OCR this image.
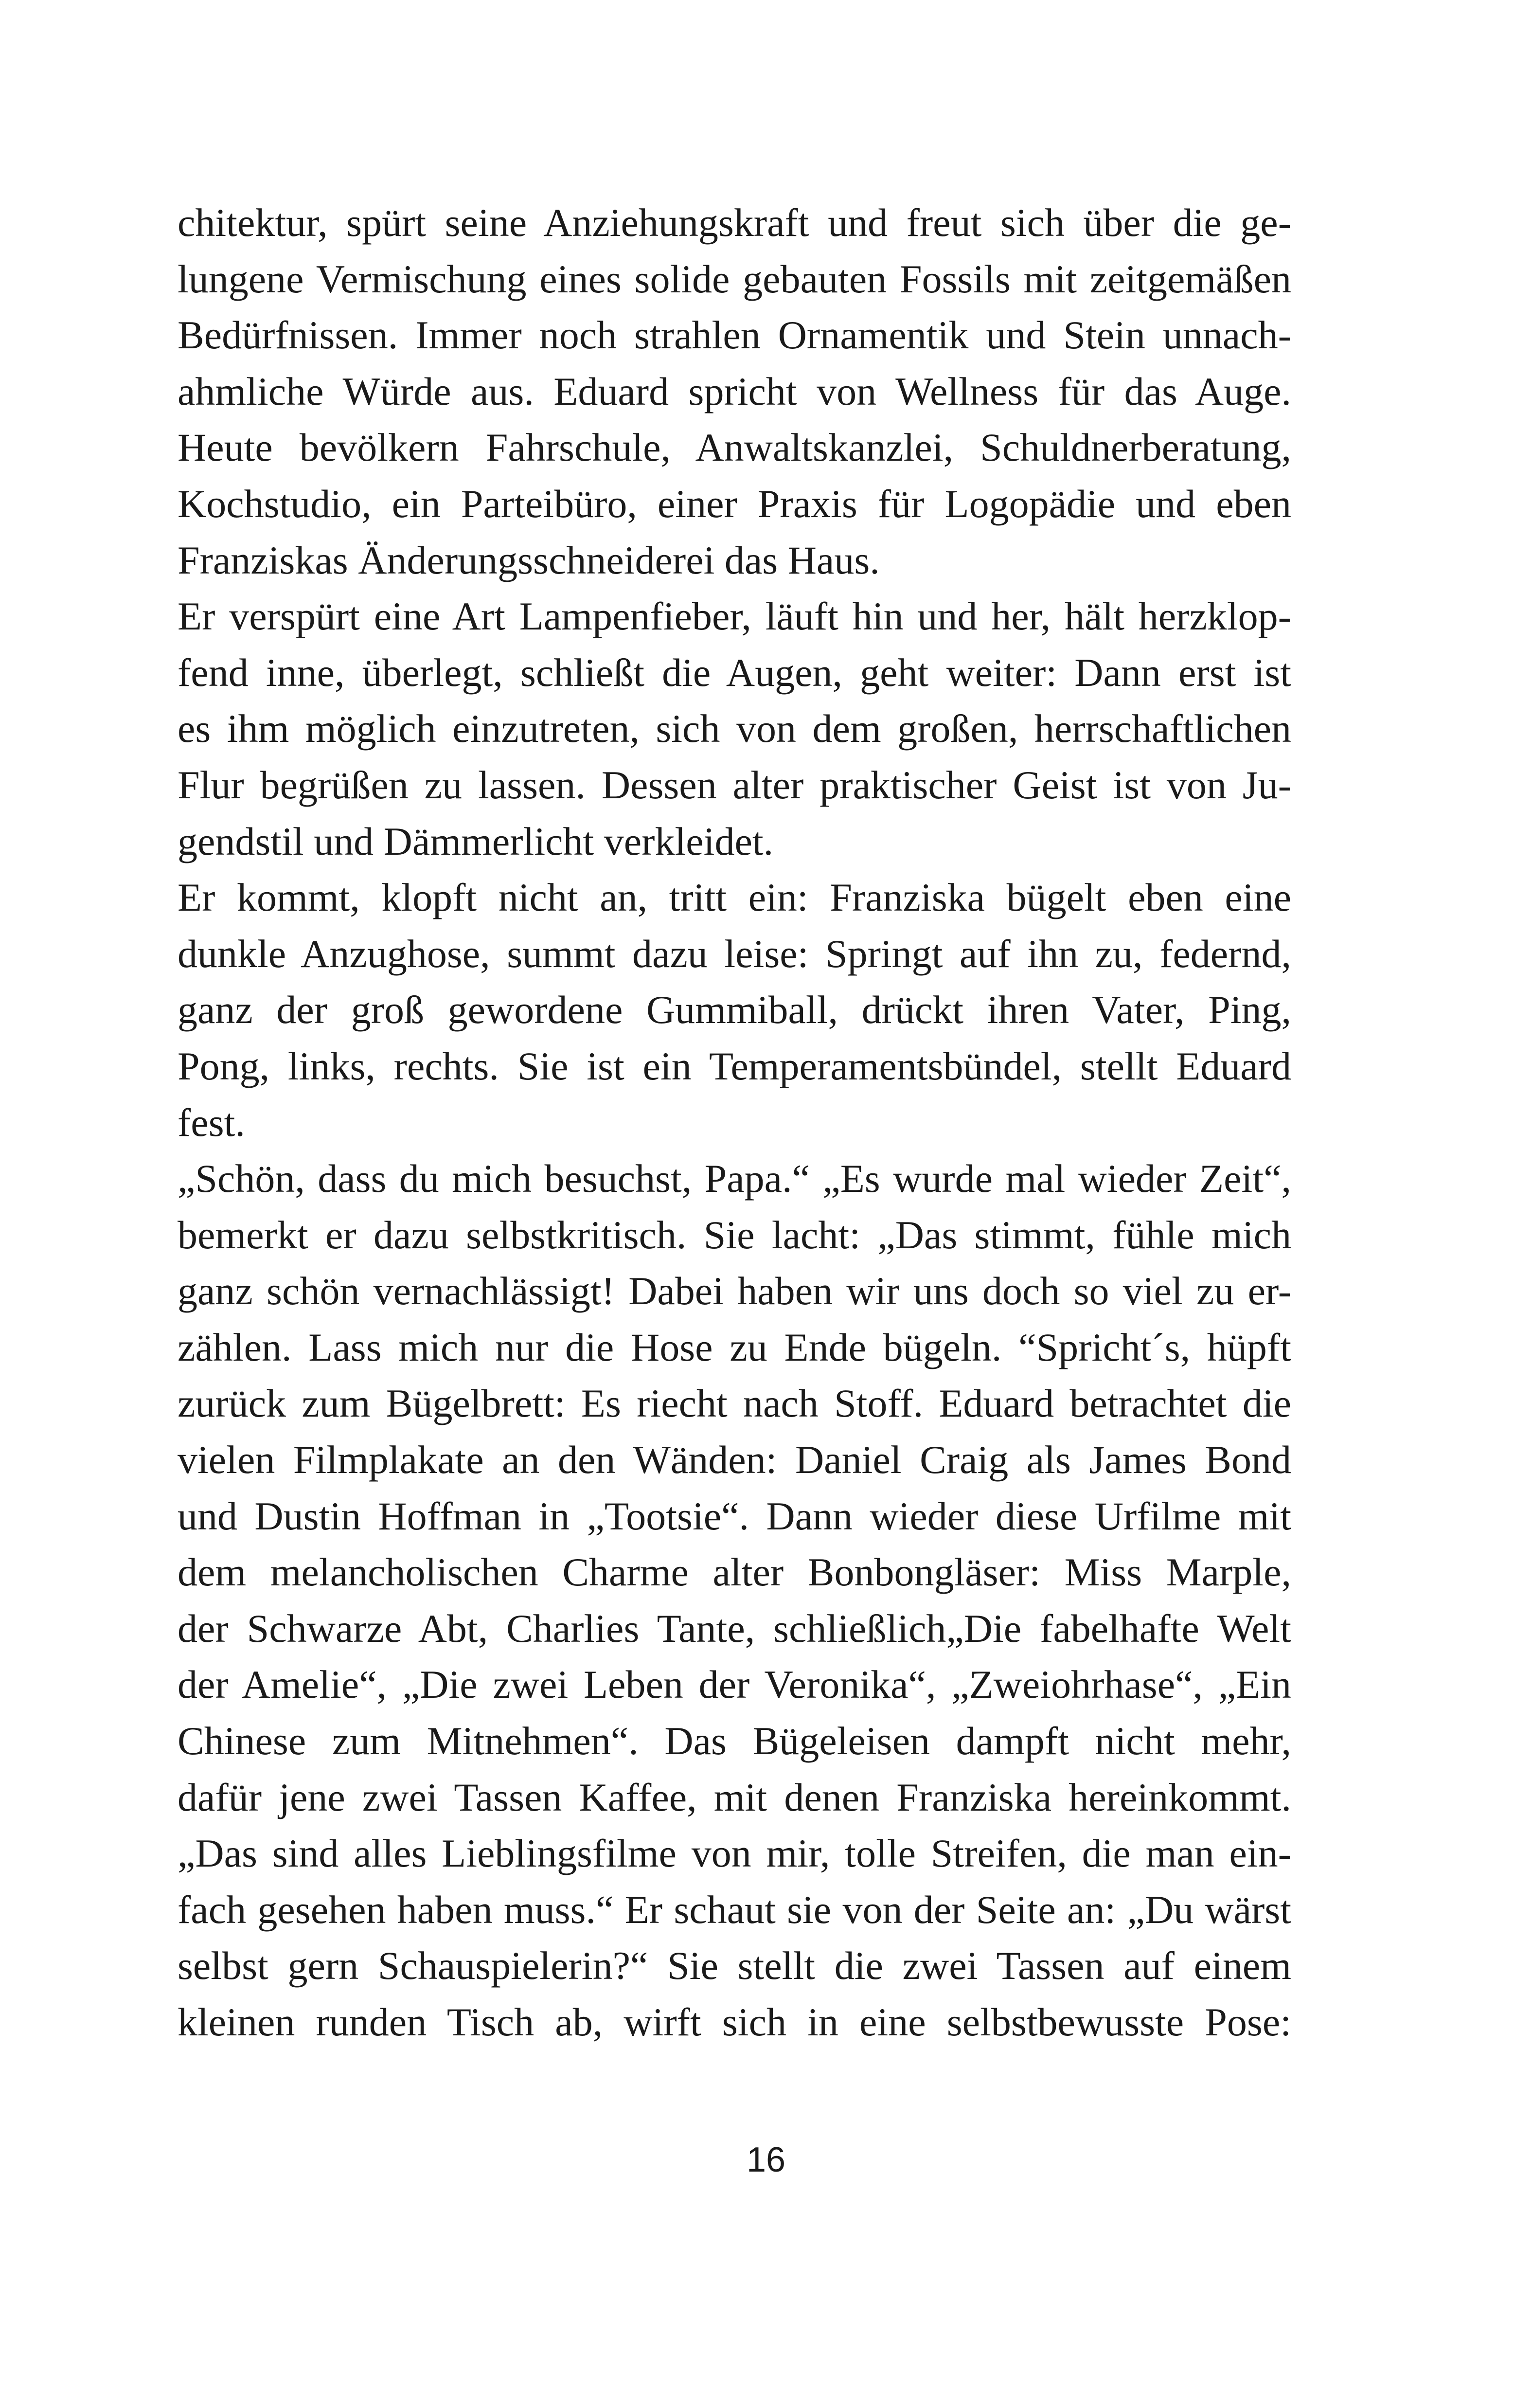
chitektur, spürt seine Anziehungskraft und freut sich über die ge-
lungene Vermischung eines solide gebauten Fossils mit zeitgemäßen
Bedürfnissen. Immer noch strahlen Ornamentik und Stein unnach-
ahmliche Würde aus. Eduard spricht von Wellness für das Auge.
Heute bevölkern Fahrschule, Anwaltskanzlei, Schuldnerberatung,
Kochstudio, ein Parteibüro, einer Praxis für Logopädie und eben
Franziskas Änderungsschneiderei das Haus.
Er verspürt eine Art Lampenfieber, läuft hin und her, hält herzklop-
fend inne, überlegt, schließt die Augen, geht weiter: Dann erst ist
es ihm möglich einzutreten, sich von dem großen, herrschaftlichen
Flur begrüßen zu lassen. Dessen alter praktischer Geist ist von Ju-
gendstil und Dämmerlicht verkleidet.
Er kommt, klopft nicht an, tritt ein: Franziska bügelt eben eine
dunkle Anzughose, summt dazu leise: Springt auf ihn zu, federnd,
ganz der groß gewordene Gummiball, drückt ihren Vater, Ping,
Pong, links, rechts. Sie ist ein Temperamentsbündel, stellt Eduard
fest.
„Schön, dass du mich besuchst, Papa.“ „Es wurde mal wieder Zeit“,
bemerkt er dazu selbstkritisch. Sie lacht: „Das stimmt, fühle mich
ganz schön vernachlässigt! Dabei haben wir uns doch so viel zu er-
zählen. Lass mich nur die Hose zu Ende bügeln. “Spricht´s, hüpft
zurück zum Bügelbrett: Es riecht nach Stoff. Eduard betrachtet die
vielen Filmplakate an den Wänden: Daniel Craig als James Bond
und Dustin Hoffman in „Tootsie“. Dann wieder diese Urfilme mit
dem melancholischen Charme alter Bonbongläser: Miss Marple,
der Schwarze Abt, Charlies Tante, schließlich„Die fabelhafte Welt
der Amelie“, „Die zwei Leben der Veronika“, „Zweiohrhase“, „Ein
Chinese zum Mitnehmen“. Das Bügeleisen dampft nicht mehr,
dafür jene zwei Tassen Kaffee, mit denen Franziska hereinkommt.
„Das sind alles Lieblingsfilme von mir, tolle Streifen, die man ein-
fach gesehen haben muss.“ Er schaut sie von der Seite an: „Du wärst
selbst gern Schauspielerin?“ Sie stellt die zwei Tassen auf einem
kleinen runden Tisch ab, wirft sich in eine selbstbewusste Pose:
16
